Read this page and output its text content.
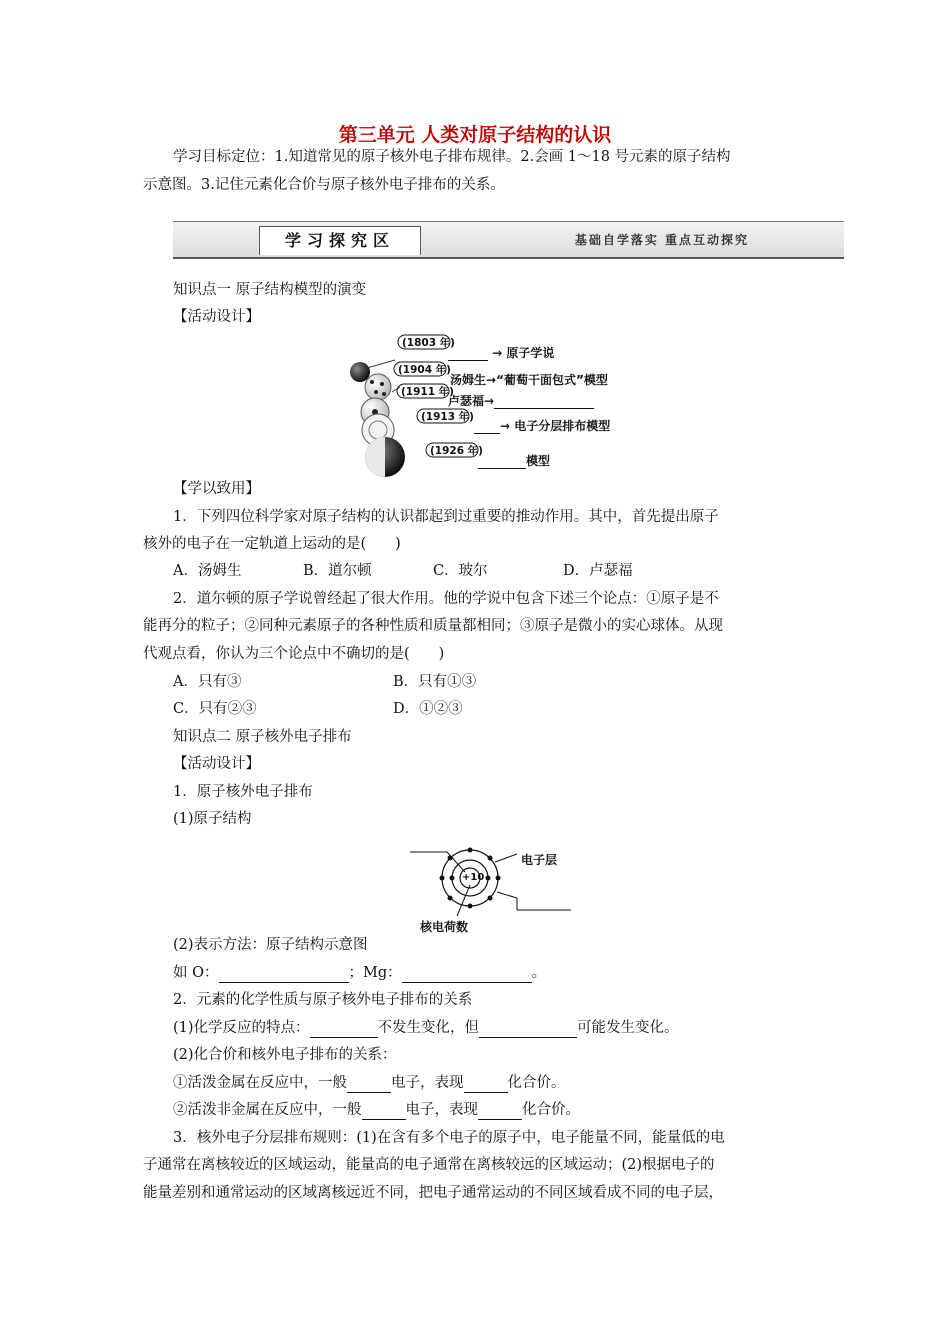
第三单元 人类对原子结构的认识
学习目标定位：1.知道常见的原子核外电子排布规律。2.会画 1～18 号元素的原子结构
示意图。3.记住元素化合价与原子核外电子排布的关系。
学习探究区	基础自学落实 重点互动探究
知识点一 原子结构模型的演变
【活动设计】
(1803 年)
→ 原子学说
(1904 年)
汤姆生→“葡萄干面包式”模型
(1911 年)
卢瑟福→
(1913 年)
→ 电子分层排布模型
(1926 年)
模型
【学以致用】
1．下列四位科学家对原子结构的认识都起到过重要的推动作用。其中，首先提出原子
核外的电子在一定轨道上运动的是(　　)
A．汤姆生	B．道尔顿	C．玻尔	D．卢瑟福
2．道尔顿的原子学说曾经起了很大作用。他的学说中包含下述三个论点：①原子是不
能再分的粒子；②同种元素原子的各种性质和质量都相同；③原子是微小的实心球体。从现
代观点看，你认为三个论点中不确切的是(　　)
A．只有③	B．只有①③
C．只有②③	D．①②③
知识点二 原子核外电子排布
【活动设计】
1．原子核外电子排布
(1)原子结构
+10
电子层
核电荷数
(2)表示方法：原子结构示意图
如 O：	；Mg：	。
2．元素的化学性质与原子核外电子排布的关系
(1)化学反应的特点：	不发生变化，但	可能发生变化。
(2)化合价和核外电子排布的关系：
①活泼金属在反应中，一般	电子，表现	化合价。
②活泼非金属在反应中，一般	电子，表现	化合价。
3．核外电子分层排布规则：(1)在含有多个电子的原子中，电子能量不同，能量低的电
子通常在离核较近的区域运动，能量高的电子通常在离核较远的区域运动；(2)根据电子的
能量差别和通常运动的区域离核远近不同，把电子通常运动的不同区域看成不同的电子层，
